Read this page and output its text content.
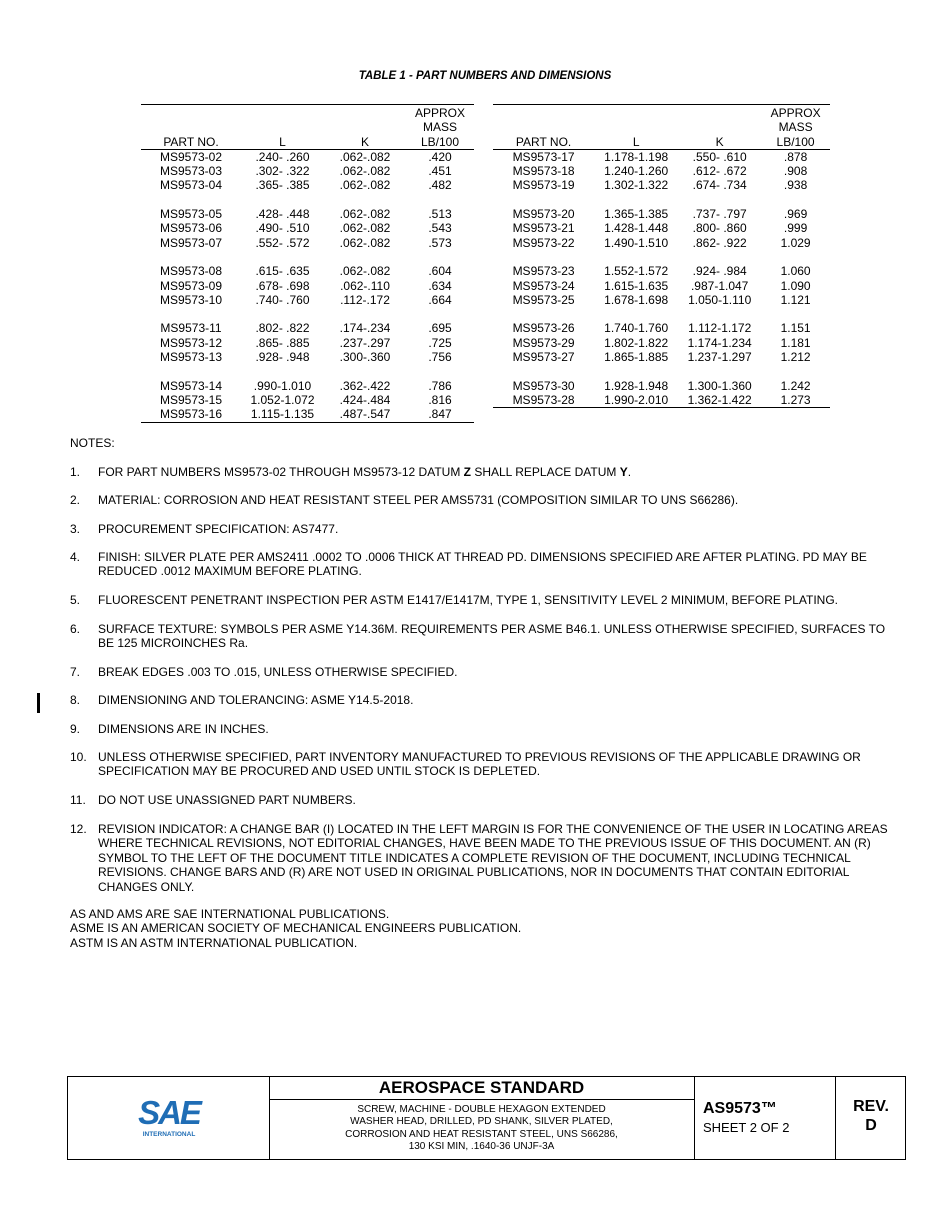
TABLE 1 - PART NUMBERS AND DIMENSIONS
PART NO.	L	K	APPROX
MASS
LB/100
MS9573-02	.240- .260	.062-.082	.420
MS9573-03	.302- .322	.062-.082	.451
MS9573-04	.365- .385	.062-.082	.482

MS9573-05	.428- .448	.062-.082	.513
MS9573-06	.490- .510	.062-.082	.543
MS9573-07	.552- .572	.062-.082	.573

MS9573-08	.615- .635	.062-.082	.604
MS9573-09	.678- .698	.062-.110	.634
MS9573-10	.740- .760	.112-.172	.664

MS9573-11	.802- .822	.174-.234	.695
MS9573-12	.865- .885	.237-.297	.725
MS9573-13	.928- .948	.300-.360	.756

MS9573-14	.990-1.010	.362-.422	.786
MS9573-15	1.052-1.072	.424-.484	.816
MS9573-16	1.115-1.135	.487-.547	.847
PART NO.	L	K	APPROX
MASS
LB/100
MS9573-17	1.178-1.198	.550- .610	.878
MS9573-18	1.240-1.260	.612- .672	.908
MS9573-19	1.302-1.322	.674- .734	.938

MS9573-20	1.365-1.385	.737- .797	.969
MS9573-21	1.428-1.448	.800- .860	.999
MS9573-22	1.490-1.510	.862- .922	1.029

MS9573-23	1.552-1.572	.924- .984	1.060
MS9573-24	1.615-1.635	.987-1.047	1.090
MS9573-25	1.678-1.698	1.050-1.110	1.121

MS9573-26	1.740-1.760	1.112-1.172	1.151
MS9573-29	1.802-1.822	1.174-1.234	1.181
MS9573-27	1.865-1.885	1.237-1.297	1.212

MS9573-30	1.928-1.948	1.300-1.360	1.242
MS9573-28	1.990-2.010	1.362-1.422	1.273

NOTES:
1.	FOR PART NUMBERS MS9573-02 THROUGH MS9573-12 DATUM Z SHALL REPLACE DATUM Y.
2.	MATERIAL: CORROSION AND HEAT RESISTANT STEEL PER AMS5731 (COMPOSITION SIMILAR TO UNS S66286).
3.	PROCUREMENT SPECIFICATION: AS7477.
4.	FINISH: SILVER PLATE PER AMS2411 .0002 TO .0006 THICK AT THREAD PD. DIMENSIONS SPECIFIED ARE AFTER PLATING. PD MAY BE REDUCED .0012 MAXIMUM BEFORE PLATING.
5.	FLUORESCENT PENETRANT INSPECTION PER ASTM E1417/E1417M, TYPE 1, SENSITIVITY LEVEL 2 MINIMUM, BEFORE PLATING.
6.	SURFACE TEXTURE: SYMBOLS PER ASME Y14.36M. REQUIREMENTS PER ASME B46.1. UNLESS OTHERWISE SPECIFIED, SURFACES TO BE 125 MICROINCHES Ra.
7.	BREAK EDGES .003 TO .015, UNLESS OTHERWISE SPECIFIED.
8.	DIMENSIONING AND TOLERANCING: ASME Y14.5-2018.
9.	DIMENSIONS ARE IN INCHES.
10. UNLESS OTHERWISE SPECIFIED, PART INVENTORY MANUFACTURED TO PREVIOUS REVISIONS OF THE APPLICABLE DRAWING OR SPECIFICATION MAY BE PROCURED AND USED UNTIL STOCK IS DEPLETED.
11.	DO NOT USE UNASSIGNED PART NUMBERS.
12. REVISION INDICATOR: A CHANGE BAR (I) LOCATED IN THE LEFT MARGIN IS FOR THE CONVENIENCE OF THE USER IN LOCATING AREAS WHERE TECHNICAL REVISIONS, NOT EDITORIAL CHANGES, HAVE BEEN MADE TO THE PREVIOUS ISSUE OF THIS DOCUMENT. AN (R) SYMBOL TO THE LEFT OF THE DOCUMENT TITLE INDICATES A COMPLETE REVISION OF THE DOCUMENT, INCLUDING TECHNICAL REVISIONS. CHANGE BARS AND (R) ARE NOT USED IN ORIGINAL PUBLICATIONS, NOR IN DOCUMENTS THAT CONTAIN EDITORIAL CHANGES ONLY.
AS AND AMS ARE SAE INTERNATIONAL PUBLICATIONS.
ASME IS AN AMERICAN SOCIETY OF MECHANICAL ENGINEERS PUBLICATION.
ASTM IS AN ASTM INTERNATIONAL PUBLICATION.
SAE
INTERNATIONAL
AEROSPACE STANDARD
SCREW, MACHINE - DOUBLE HEXAGON EXTENDED
WASHER HEAD, DRILLED, PD SHANK, SILVER PLATED,
CORROSION AND HEAT RESISTANT STEEL, UNS S66286,
130 KSI MIN, .1640-36 UNJF-3A
AS9573™
SHEET 2 OF 2
REV.
D
